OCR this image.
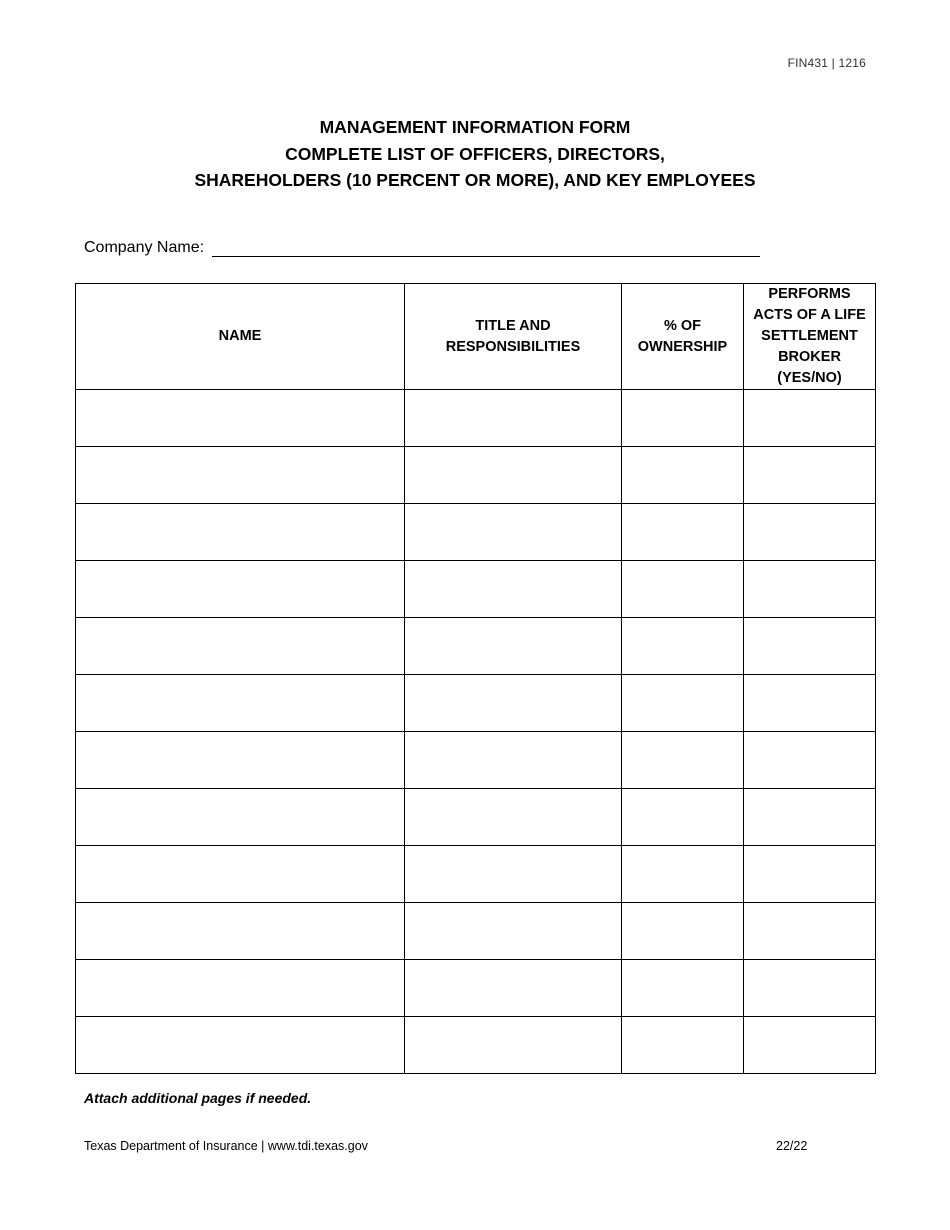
FIN431 | 1216
MANAGEMENT INFORMATION FORM
COMPLETE LIST OF OFFICERS, DIRECTORS,
SHAREHOLDERS (10 PERCENT OR MORE), AND KEY EMPLOYEES
Company Name:
NAME	TITLE AND RESPONSIBILITIES	% OF OWNERSHIP	PERFORMS ACTS OF A LIFE SETTLEMENT BROKER (YES/NO)

Attach additional pages if needed.
Texas Department of Insurance | www.tdi.texas.gov	22/22
